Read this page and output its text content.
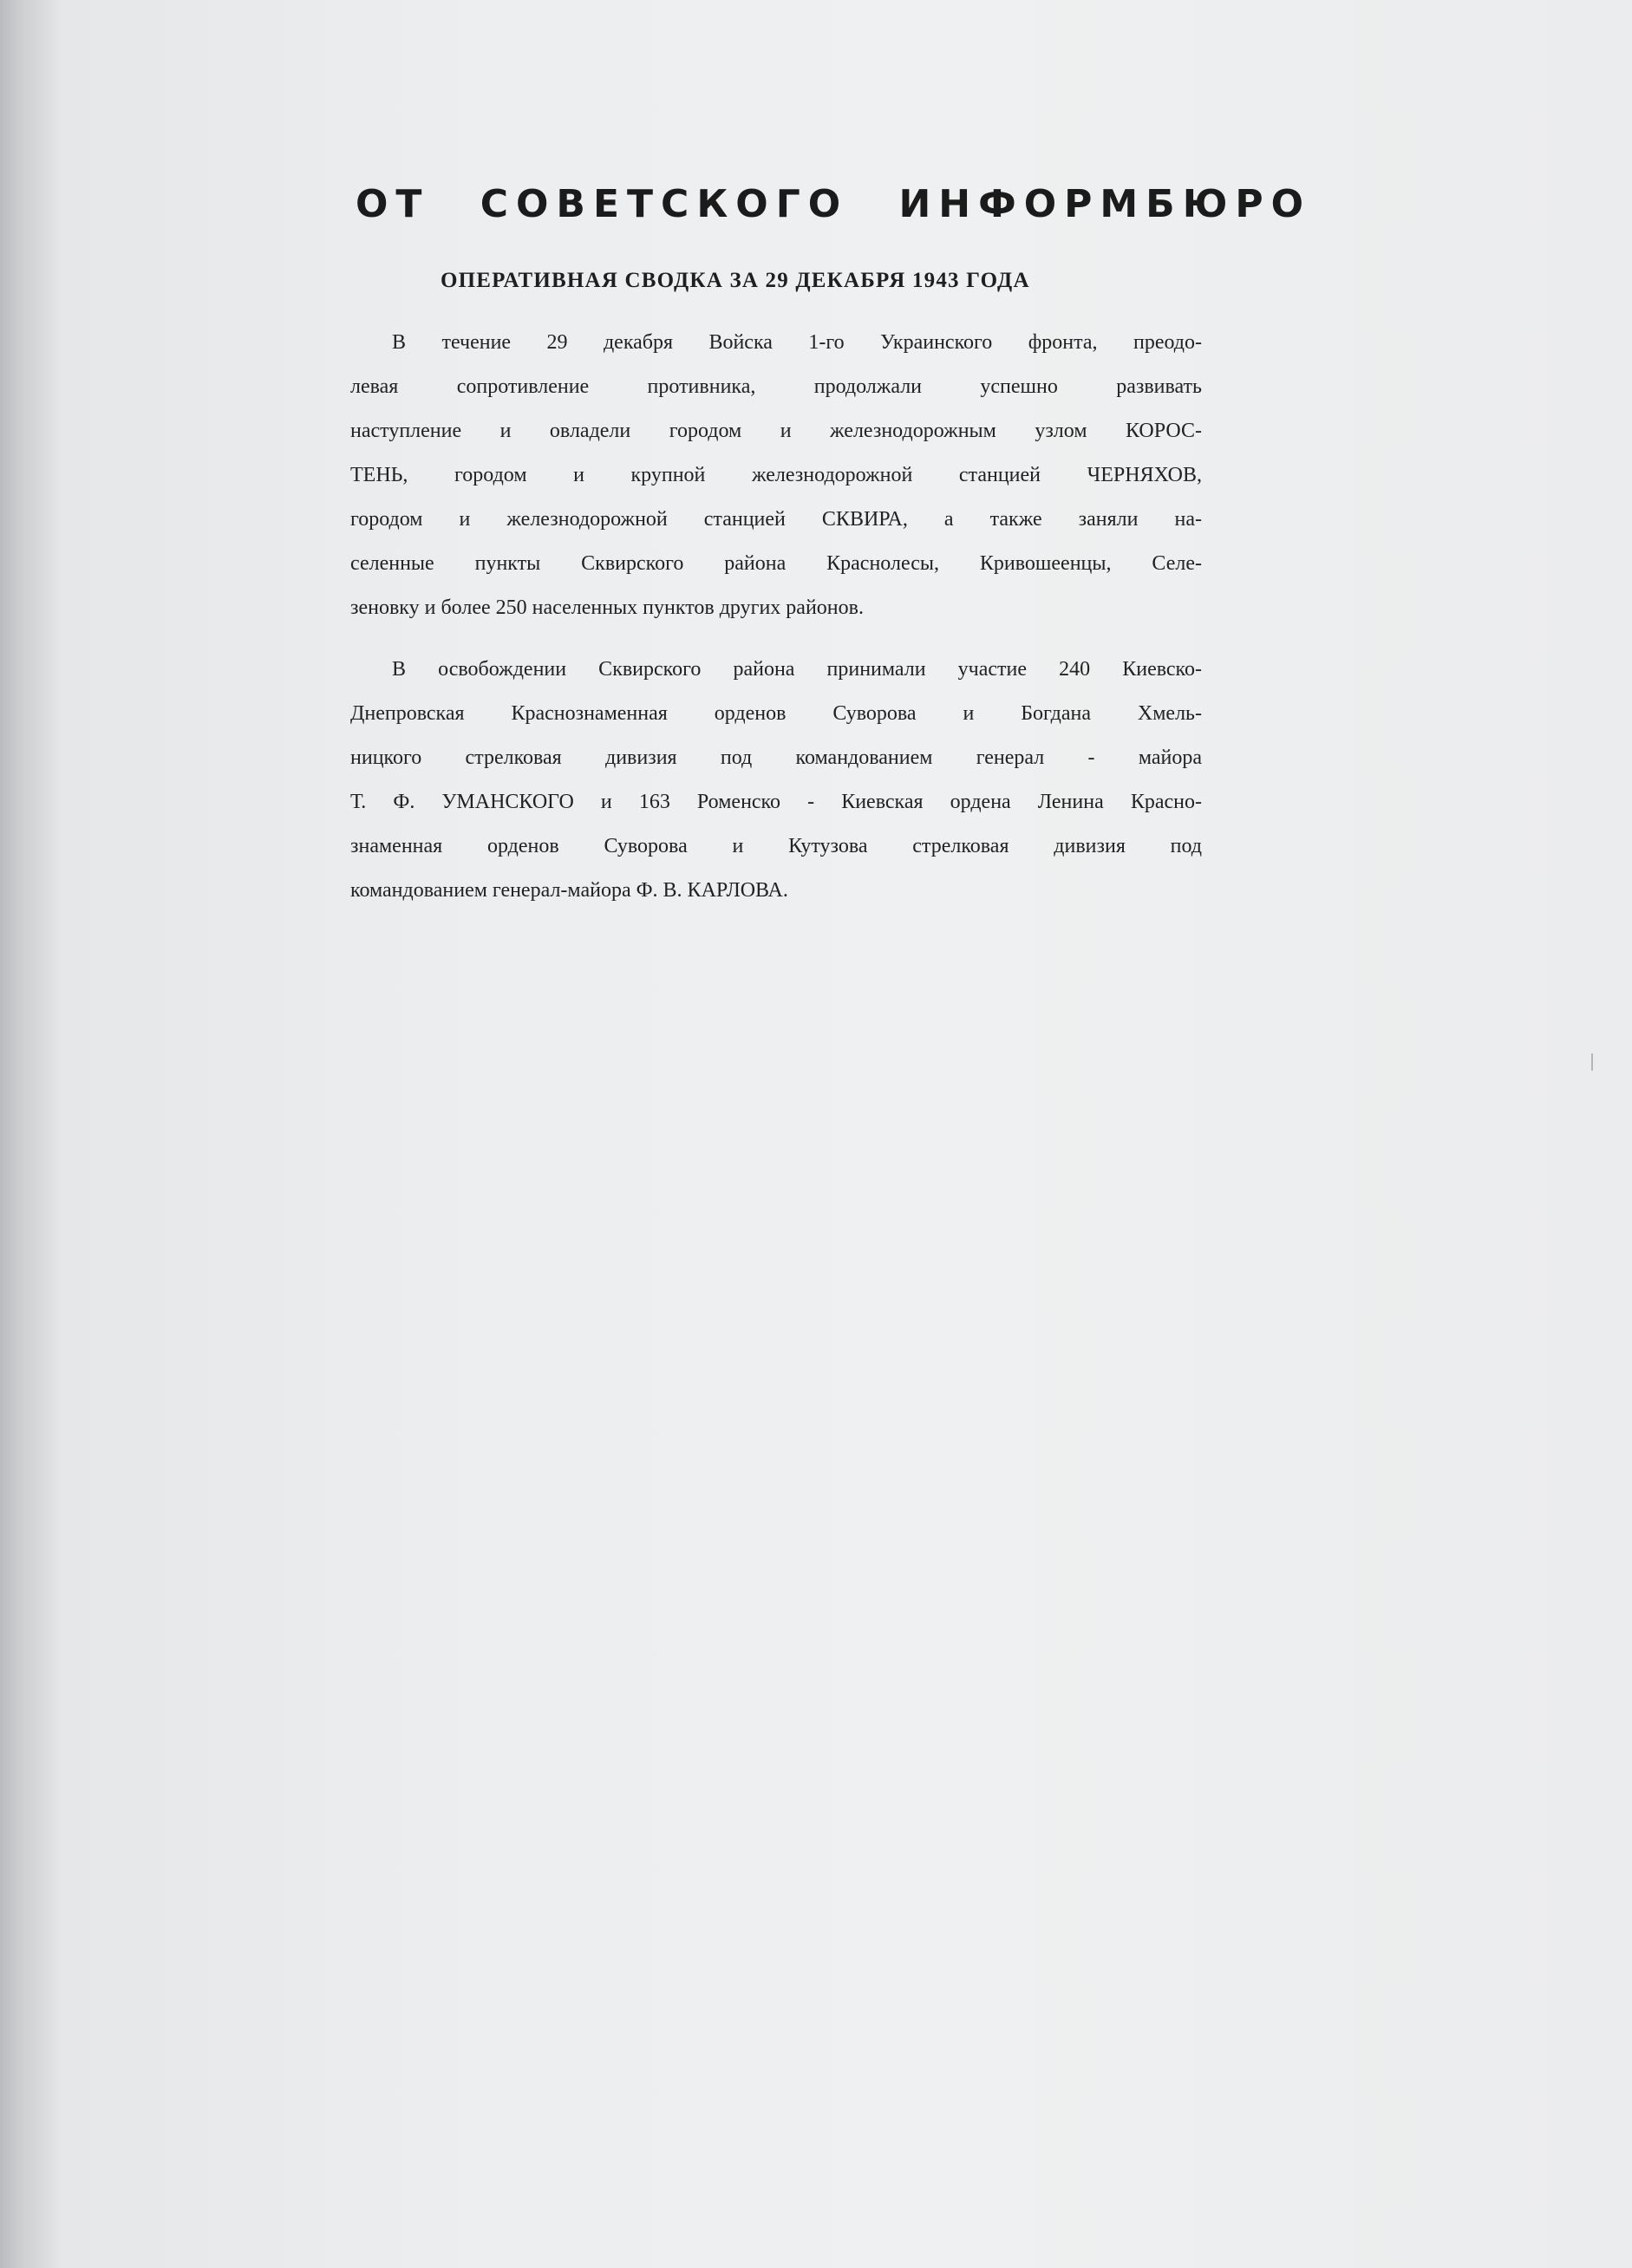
ОТ СОВЕТСКОГО ИНФОРМБЮРО
ОПЕРАТИВНАЯ СВОДКА ЗА 29 ДЕКАБРЯ 1943 ГОДА
В течение 29 декабря Войска 1-го Украинского фронта, преодо-
левая сопротивление противника, продолжали успешно развивать
наступление и овладели городом и железнодорожным узлом КОРОС-
ТЕНЬ, городом и крупной железнодорожной станцией ЧЕРНЯХОВ,
городом и железнодорожной станцией СКВИРА, а также заняли на-
селенные пункты Сквирского района Краснолесы, Кривошеенцы, Селе-
зеновку и более 250 населенных пунктов других районов.
В освобождении Сквирского района принимали участие 240 Киевско-
Днепровская Краснознаменная орденов Суворова и Богдана Хмель-
ницкого стрелковая дивизия под командованием генерал - майора
Т. Ф. УМАНСКОГО и 163 Роменско - Киевская ордена Ленина Красно-
знаменная орденов Суворова и Кутузова стрелковая дивизия под
командованием генерал-майора Ф. В. КАРЛОВА.
